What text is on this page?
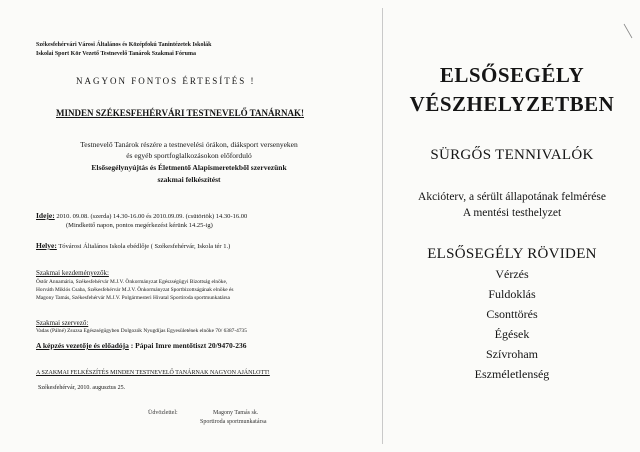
Székesfehérvári Városi Általános és Középfokú Tanintézetek Iskolák
Iskolai Sport Kör Vezető Testnevelő Tanárok Szakmai Fóruma
NAGYON FONTOS ÉRTESÍTÉS !
MINDEN SZÉKESFEHÉRVÁRI TESTNEVELŐ TANÁRNAK!
Testnevelő Tanárok részére a testnevelési órákon, diáksport versenyeken
és egyéb sportfoglalkozásokon előforduló
Elsősegélynyújtás és Életmentő Alapismeretekből szervezünk
szakmai felkészítést
Ideje: 2010. 09.08. (szerda) 14.30-16.00 és 2010.09.09. (csütörtök) 14.30-16.00
(Mindkettő napon, pontos megérkezést kérünk 14.25-ig)
Helye: Tóvárosi Általános Iskola ebédlője ( Székesfehérvár, Iskola tér 1.)
Szakmai kezdeményezők:
Östör Annamária, Székesfehérvár M.J.V. Önkormányzat Egészségügyi Bizottság elnöke,
Horváth Miklós Csaba, Székesfehérvár M.J.V. Önkormányzat Sportbizottságának elnöke és
Magony Tamás, Székesfehérvár M.J.V. Polgármesteri Hivatal Sportiroda sportmunkatársa
Szakmai szervező:
Vadas (Pálné) Zsuzsa Egészségügyben Dolgozók Nyugdíjas Egyesületének elnöke 70/ 6387-4735
A képzés vezetője és előadója : Pápai Imre mentőtiszt 20/9470-236
A SZAKMAI FELKÉSZÍTÉS MINDEN TESTNEVELŐ TANÁRNAK NAGYON AJÁNLOTT!
Székesfehérvár, 2010. augusztus 25.
Üdvözlettel:	Magony Tamás sk.
Sportiroda sportmunkatársa
ELSŐSEGÉLY
VÉSZHELYZETBEN
SÜRGŐS TENNIVALÓK
Akcióterv, a sérült állapotának felmérése
A mentési testhelyzet
ELSŐSEGÉLY RÖVIDEN
Vérzés
Fuldoklás
Csonttörés
Égések
Szívroham
Eszméletlenség
